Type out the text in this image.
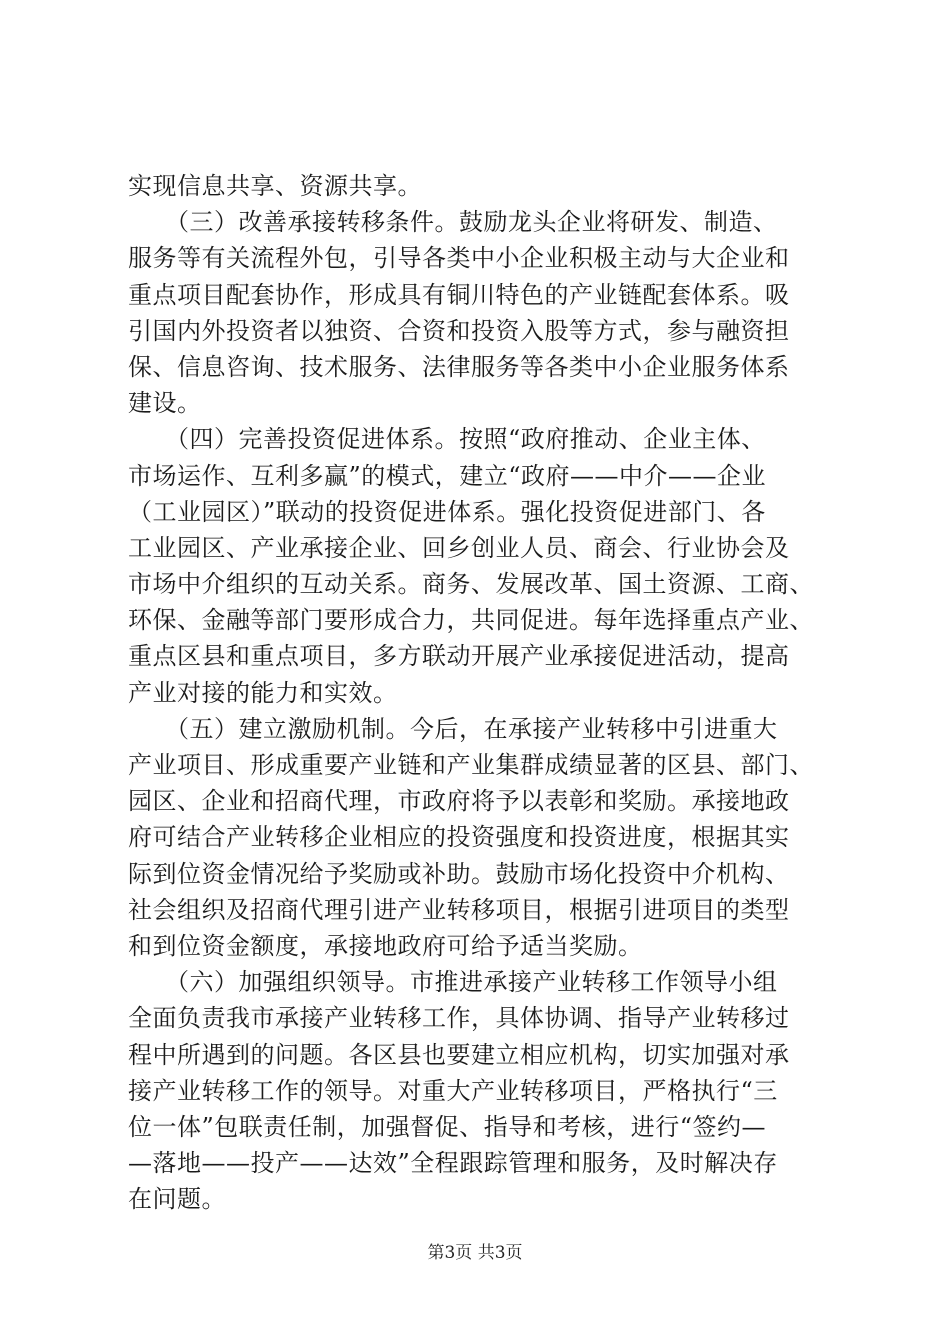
实现信息共享、资源共享。
　　（三）改善承接转移条件。鼓励龙头企业将研发、制造、
服务等有关流程外包，引导各类中小企业积极主动与大企业和
重点项目配套协作，形成具有铜川特色的产业链配套体系。吸
引国内外投资者以独资、合资和投资入股等方式，参与融资担
保、信息咨询、技术服务、法律服务等各类中小企业服务体系
建设。
　　（四）完善投资促进体系。按照“政府推动、企业主体、
市场运作、互利多赢”的模式，建立“政府——中介——企业
（工业园区）”联动的投资促进体系。强化投资促进部门、各
工业园区、产业承接企业、回乡创业人员、商会、行业协会及
市场中介组织的互动关系。商务、发展改革、国土资源、工商、
环保、金融等部门要形成合力，共同促进。每年选择重点产业、
重点区县和重点项目，多方联动开展产业承接促进活动，提高
产业对接的能力和实效。
　　（五）建立激励机制。今后，在承接产业转移中引进重大
产业项目、形成重要产业链和产业集群成绩显著的区县、部门、
园区、企业和招商代理，市政府将予以表彰和奖励。承接地政
府可结合产业转移企业相应的投资强度和投资进度，根据其实
际到位资金情况给予奖励或补助。鼓励市场化投资中介机构、
社会组织及招商代理引进产业转移项目，根据引进项目的类型
和到位资金额度，承接地政府可给予适当奖励。
　　（六）加强组织领导。市推进承接产业转移工作领导小组
全面负责我市承接产业转移工作，具体协调、指导产业转移过
程中所遇到的问题。各区县也要建立相应机构，切实加强对承
接产业转移工作的领导。对重大产业转移项目，严格执行“三
位一体”包联责任制，加强督促、指导和考核，进行“签约—
—落地——投产——达效”全程跟踪管理和服务，及时解决存
在问题。
第3页 共3页
